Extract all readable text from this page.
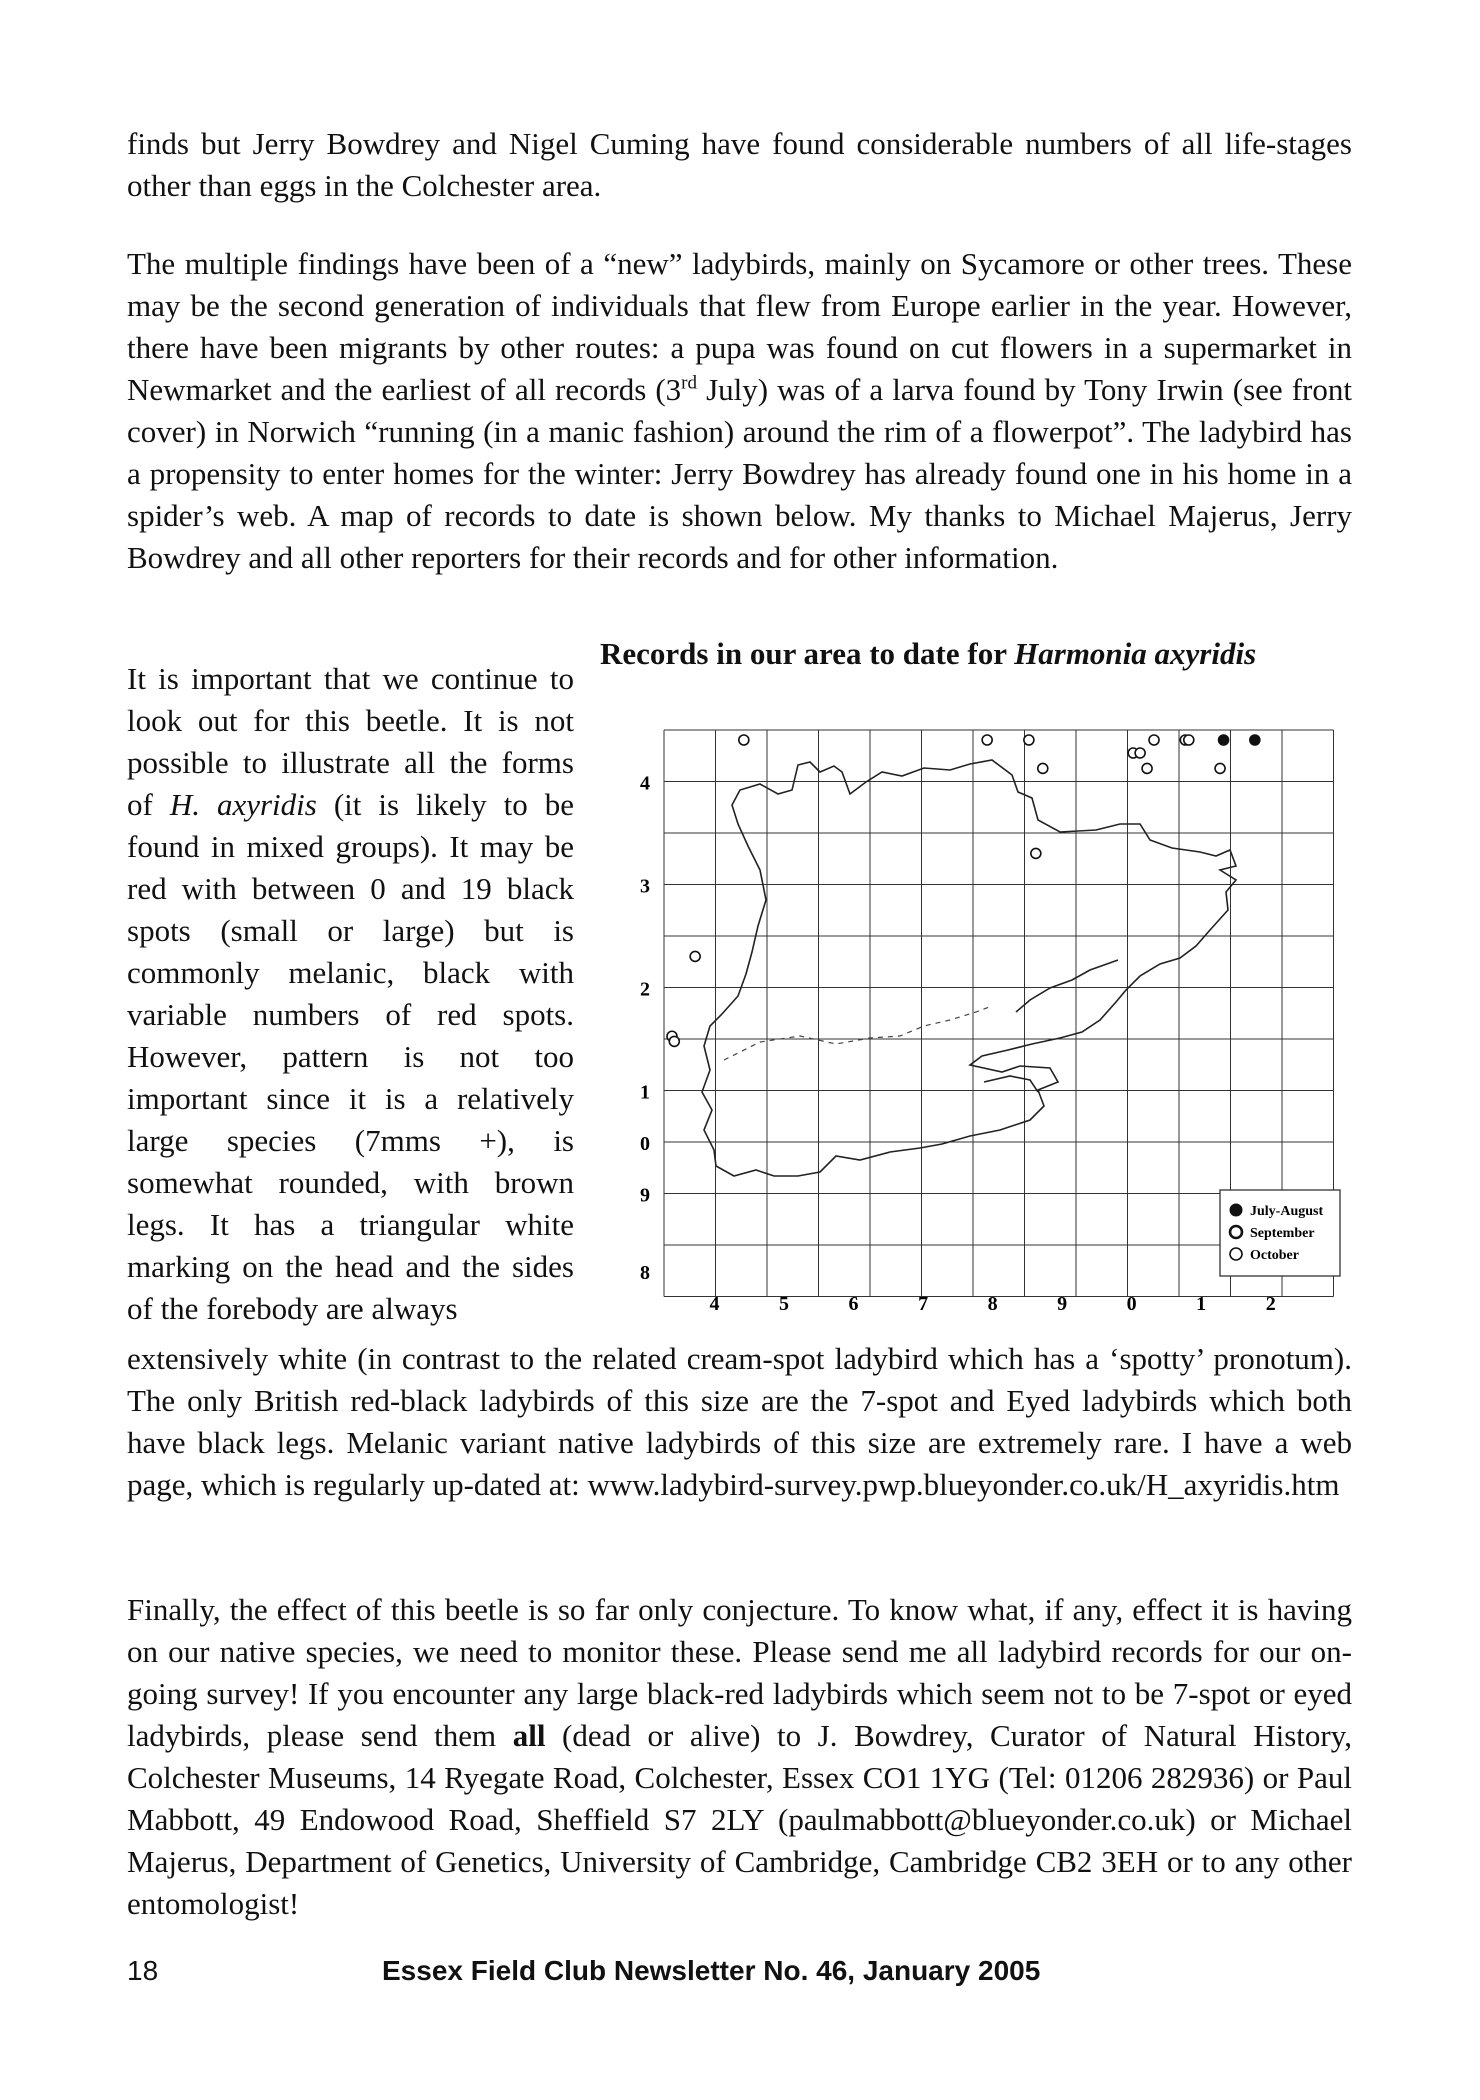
finds but Jerry Bowdrey and Nigel Cuming have found considerable numbers of all life-stages other than eggs in the Colchester area.

The multiple findings have been of a “new” ladybirds, mainly on Sycamore or other trees. These may be the second generation of individuals that flew from Europe earlier in the year. However, there have been migrants by other routes: a pupa was found on cut flowers in a supermarket in Newmarket and the earliest of all records (3rd July) was of a larva found by Tony Irwin (see front cover) in Norwich “running (in a manic fashion) around the rim of a flowerpot”. The ladybird has a propensity to enter homes for the winter: Jerry Bowdrey has already found one in his home in a spider’s web. A map of records to date is shown below. My thanks to Michael Majerus, Jerry Bowdrey and all other reporters for their records and for other information.

Records in our area to date for Harmonia axyridis

It is important that we continue to look out for this beetle. It is not possible to illustrate all the forms of H. axyridis (it is likely to be found in mixed groups). It may be red with between 0 and 19 black spots (small or large) but is commonly melanic, black with variable numbers of red spots. However, pattern is not too important since it is a relatively large species (7mms +), is somewhat rounded, with brown legs. It has a triangular white marking on the head and the sides of the forebody are always

4
3
2
1
0
9
8
4	5	6	7	8	9	0	1	2
July-August
September
October

extensively white (in contrast to the related cream-spot ladybird which has a ‘spotty’ pronotum). The only British red-black ladybirds of this size are the 7-spot and Eyed ladybirds which both have black legs. Melanic variant native ladybirds of this size are extremely rare. I have a web page, which is regularly up-dated at: www.ladybird-survey.pwp.blueyonder.co.uk/H_axyridis.htm

Finally, the effect of this beetle is so far only conjecture. To know what, if any, effect it is having on our native species, we need to monitor these. Please send me all ladybird records for our on-going survey! If you encounter any large black-red ladybirds which seem not to be 7-spot or eyed ladybirds, please send them all (dead or alive) to J. Bowdrey, Curator of Natural History, Colchester Museums, 14 Ryegate Road, Colchester, Essex CO1 1YG (Tel: 01206 282936) or Paul Mabbott, 49 Endowood Road, Sheffield S7 2LY (paulmabbott@blueyonder.co.uk) or Michael Majerus, Department of Genetics, University of Cambridge, Cambridge CB2 3EH or to any other entomologist!

18	Essex Field Club Newsletter No. 46, January 2005
